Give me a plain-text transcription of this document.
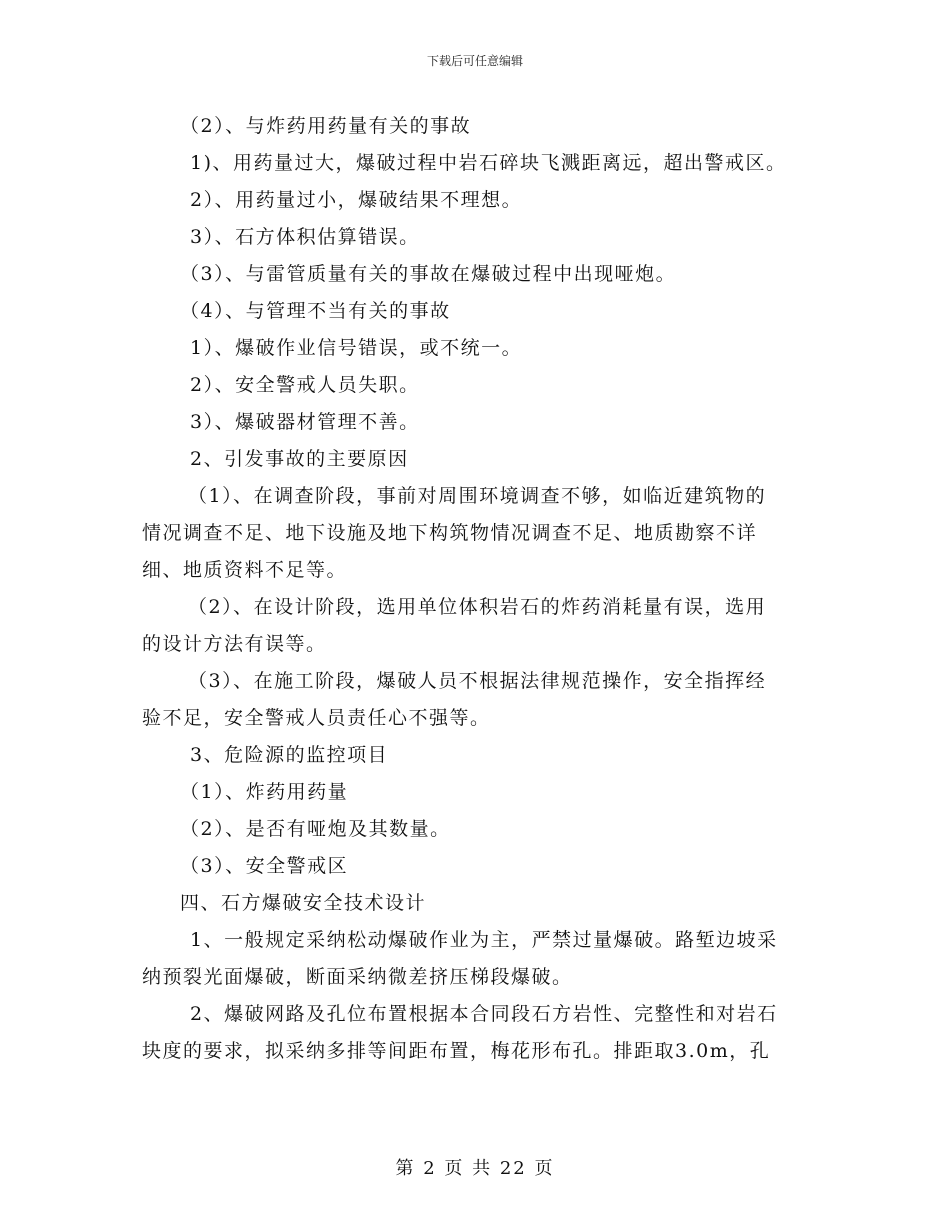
下载后可任意编辑
（2）、与炸药用药量有关的事故
1)、用药量过大，爆破过程中岩石碎块飞溅距离远，超出警戒区。
2）、用药量过小，爆破结果不理想。
3）、石方体积估算错误。
（3）、与雷管质量有关的事故在爆破过程中出现哑炮。
（4）、与管理不当有关的事故
1）、爆破作业信号错误，或不统一。
2）、安全警戒人员失职。
3）、爆破器材管理不善。
2、引发事故的主要原因
（1）、在调查阶段，事前对周围环境调查不够，如临近建筑物的
情况调查不足、地下设施及地下构筑物情况调查不足、地质勘察不详
细、地质资料不足等。
（2）、在设计阶段，选用单位体积岩石的炸药消耗量有误，选用
的设计方法有误等。
（3）、在施工阶段，爆破人员不根据法律规范操作，安全指挥经
验不足，安全警戒人员责任心不强等。
3、危险源的监控项目
（1）、炸药用药量
（2）、是否有哑炮及其数量。
（3）、安全警戒区
四、石方爆破安全技术设计
1、一般规定采纳松动爆破作业为主，严禁过量爆破。路堑边坡采
纳预裂光面爆破，断面采纳微差挤压梯段爆破。
2、爆破网路及孔位布置根据本合同段石方岩性、完整性和对岩石
块度的要求，拟采纳多排等间距布置，梅花形布孔。排距取3.0m，孔
第 2 页 共 22 页
